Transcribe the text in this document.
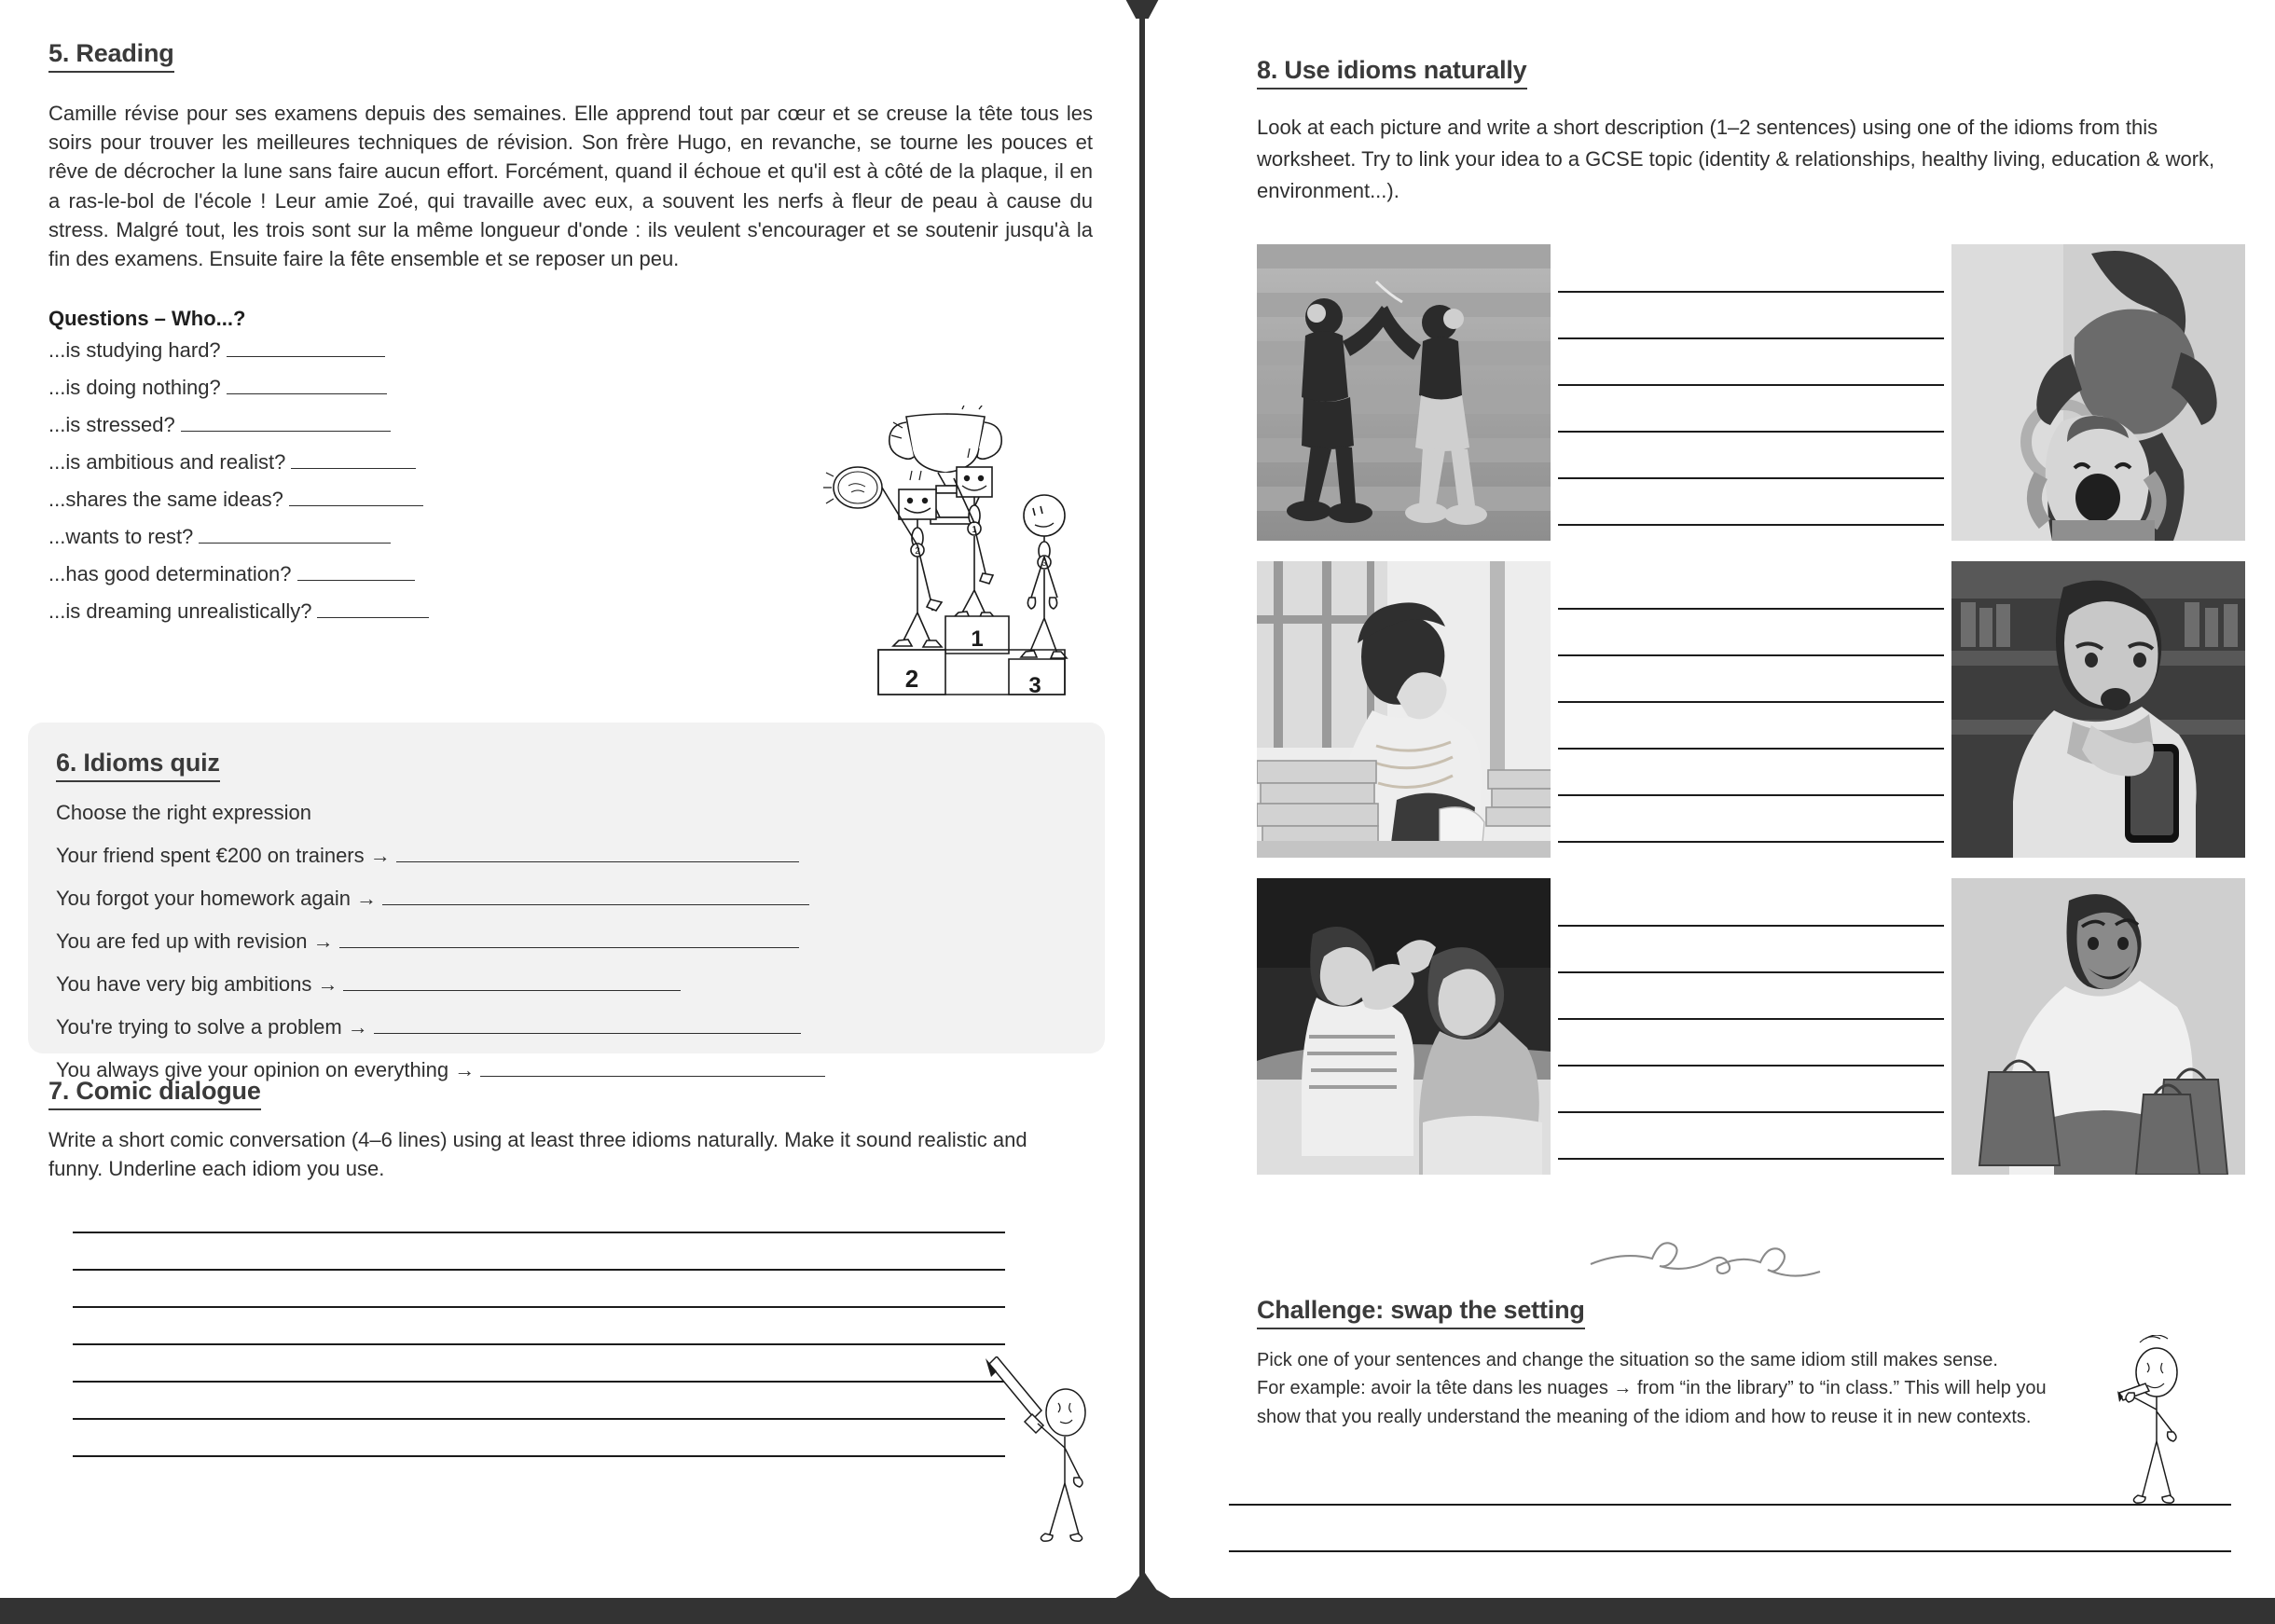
5. Reading
Camille révise pour ses examens depuis des semaines. Elle apprend tout par cœur et se creuse la tête tous les soirs pour trouver les meilleures techniques de révision. Son frère Hugo, en revanche, se tourne les pouces et rêve de décrocher la lune sans faire aucun effort. Forcément, quand il échoue et qu'il est à côté de la plaque, il en a ras-le-bol de l'école ! Leur amie Zoé, qui travaille avec eux, a souvent les nerfs à fleur de peau à cause du stress. Malgré tout, les trois sont sur la même longueur d'onde : ils veulent s'encourager et se soutenir jusqu'à la fin des examens. Ensuite faire la fête ensemble et se reposer un peu.
Questions – Who...?
...is studying hard?
...is doing nothing?
...is stressed?
...is ambitious and realist?
...shares the same ideas?
...wants to rest?
...has good determination?
...is dreaming unrealistically?
2
1
3
1
2	3
6. Idioms quiz
Choose the right expression
Your friend spent €200 on trainers →
You forgot your homework again →
You are fed up with revision →
You have very big ambitions →
You're trying to solve a problem →
You always give your opinion on everything →
7. Comic dialogue
Write a short comic conversation (4–6 lines) using at least three idioms naturally. Make it sound realistic and funny. Underline each idiom you use.
8. Use idioms naturally
Look at each picture and write a short description (1–2 sentences) using one of the idioms from this worksheet. Try to link your idea to a GCSE topic (identity & relationships, healthy living, education & work, environment...).
Challenge: swap the setting
Pick one of your sentences and change the situation so the same idiom still makes sense.
For example: avoir la tête dans les nuages → from “in the library” to “in class.” This will help you
show that you really understand the meaning of the idiom and how to reuse it in new contexts.
